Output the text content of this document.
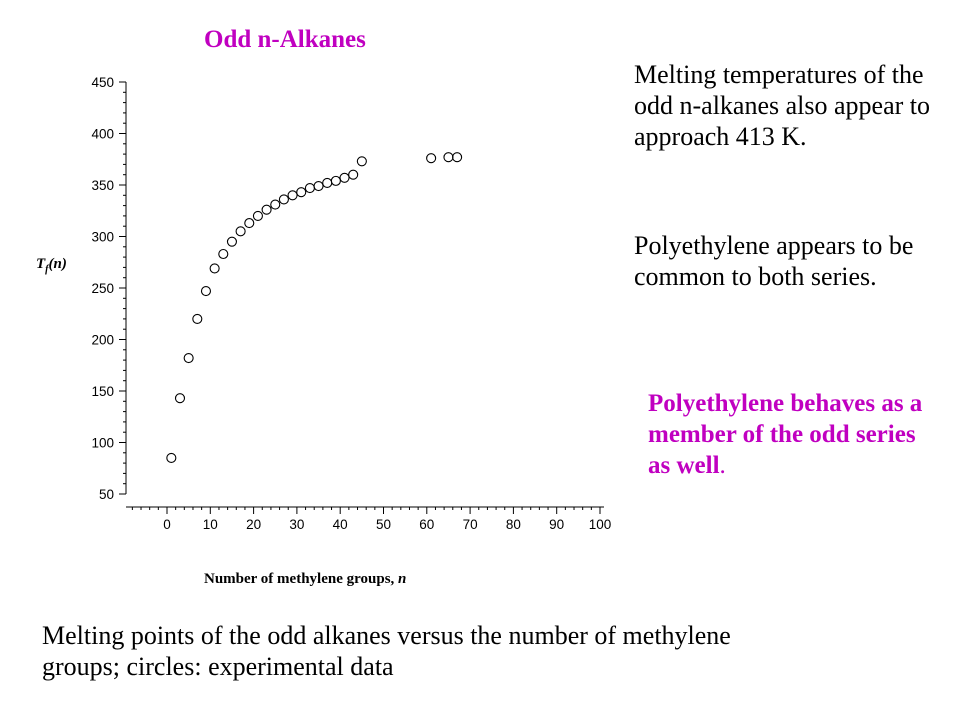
Odd n-Alkanes
50
100
150
200
250
300
350
400
450
0 10 20 30 40 50 60 70 80 90 100
$T_f(n)$
Number of methylene groups, n
Melting temperatures of the odd n-alkanes also appear to approach 413 K.
Polyethylene appears to be common to both series.
Polyethylene behaves as a member of the odd series as well.
Melting points of the odd alkanes versus the number of methylene groups; circles: experimental data
